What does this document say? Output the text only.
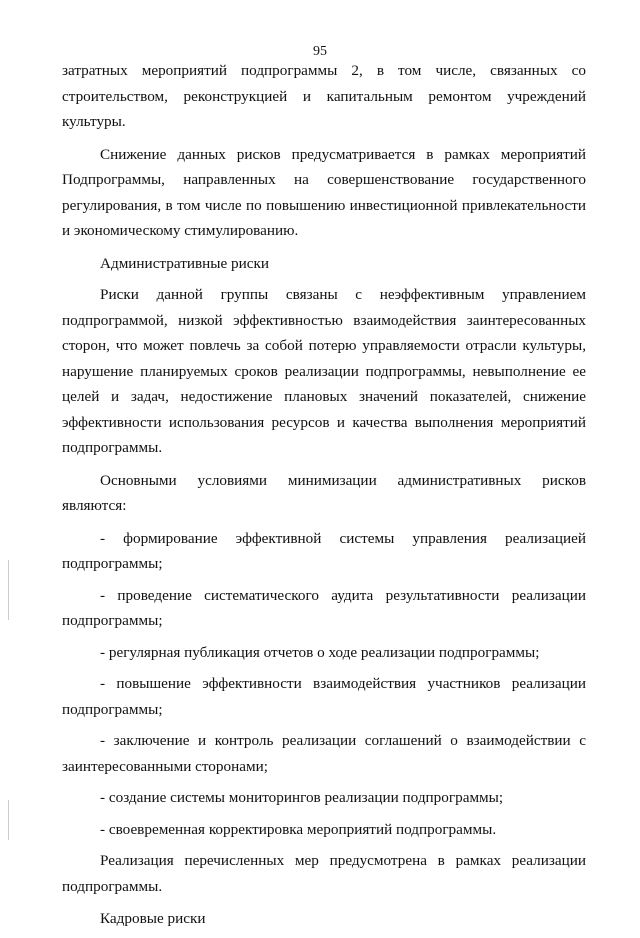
95

затратных мероприятий подпрограммы 2, в том числе, связанных со строительством, реконструкцией и капитальным ремонтом учреждений культуры.

Снижение данных рисков предусматривается в рамках мероприятий Подпрограммы, направленных на совершенствование государственного регулирования, в том числе по повышению инвестиционной привлекательности и экономическому стимулированию.

Административные риски

Риски данной группы связаны с неэффективным управлением подпрограммой, низкой эффективностью взаимодействия заинтересованных сторон, что может повлечь за собой потерю управляемости отрасли культуры, нарушение планируемых сроков реализации подпрограммы, невыполнение ее целей и задач, недостижение плановых значений показателей, снижение эффективности использования ресурсов и качества выполнения мероприятий подпрограммы.

Основными условиями минимизации административных рисков являются:

- формирование эффективной системы управления реализацией подпрограммы;

- проведение систематического аудита результативности реализации подпрограммы;

- регулярная публикация отчетов о ходе реализации подпрограммы;

- повышение эффективности взаимодействия участников реализации подпрограммы;

- заключение и контроль реализации соглашений о взаимодействии с заинтересованными сторонами;

- создание системы мониторингов реализации подпрограммы;

- своевременная корректировка мероприятий подпрограммы.

Реализация перечисленных мер предусмотрена в рамках реализации подпрограммы.

Кадровые риски
